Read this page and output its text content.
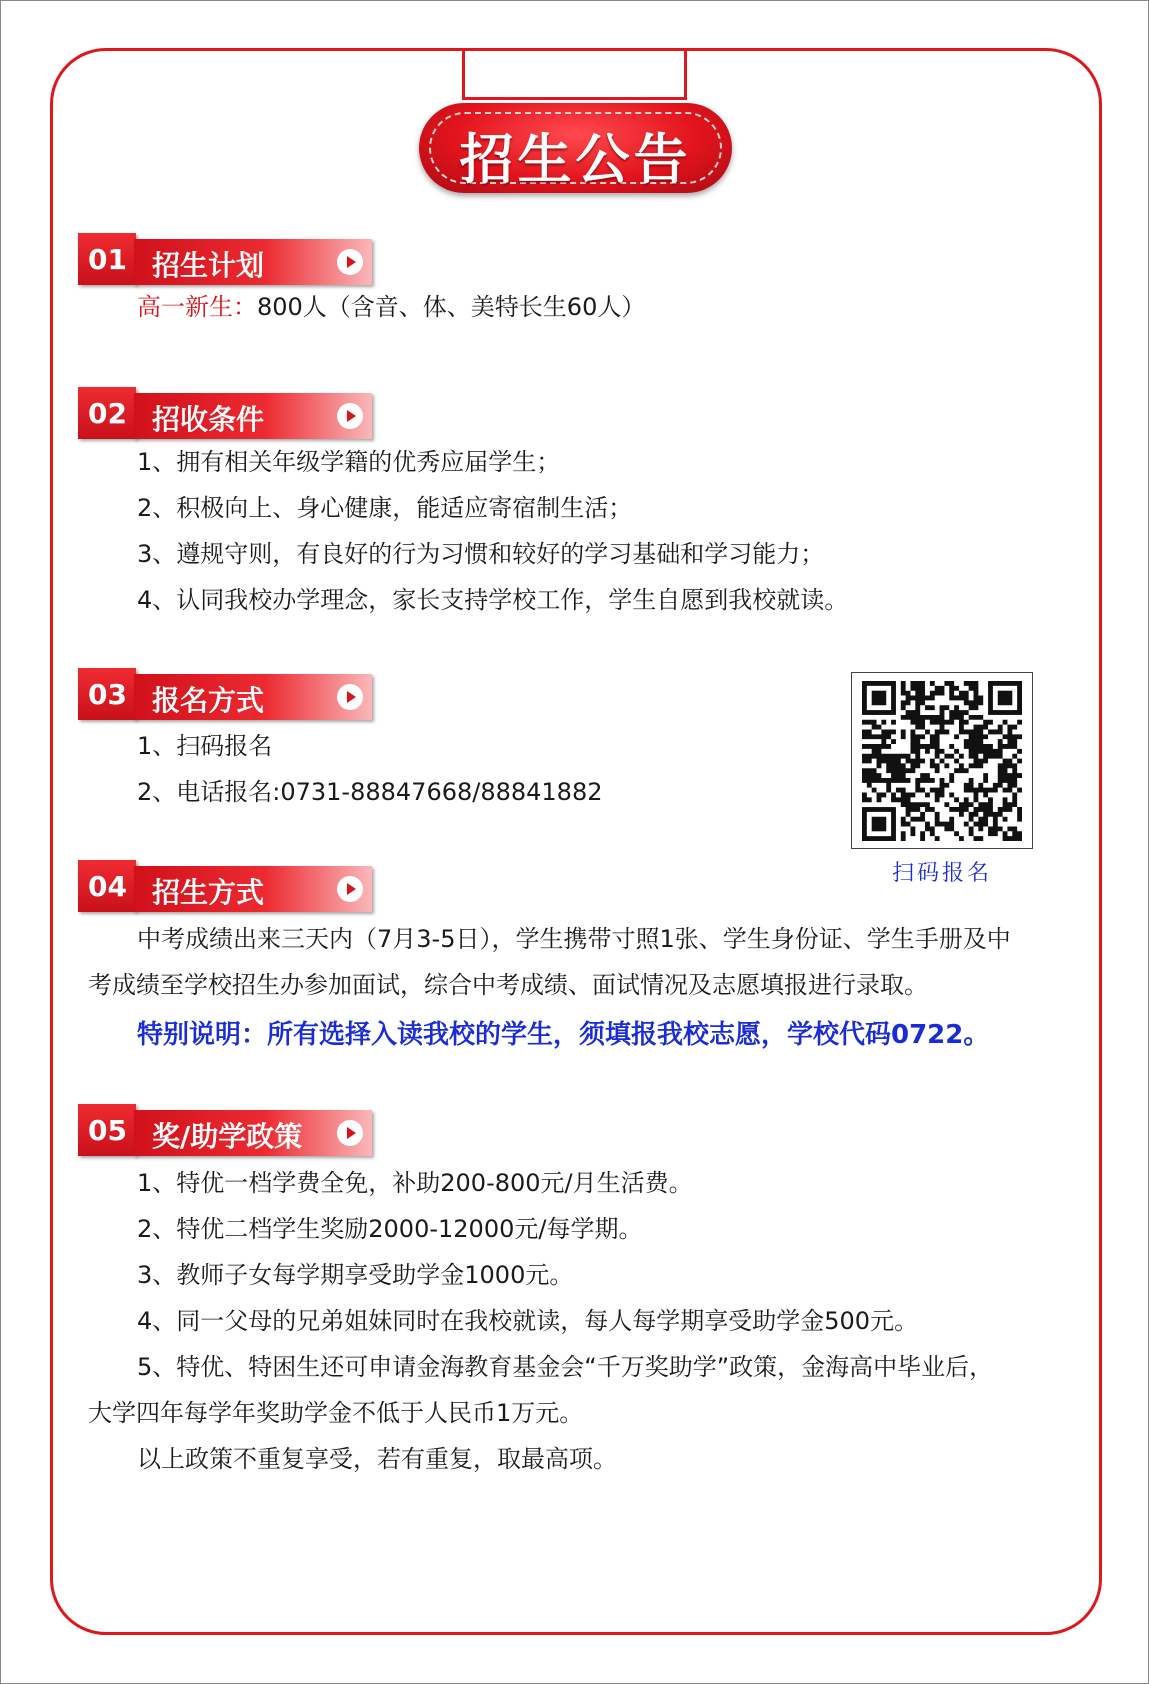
招生公告
01 招生计划
高一新生：800人（含音、体、美特长生60人）
02 招收条件
1、拥有相关年级学籍的优秀应届学生；
2、积极向上、身心健康，能适应寄宿制生活；
3、遵规守则，有良好的行为习惯和较好的学习基础和学习能力；
4、认同我校办学理念，家长支持学校工作，学生自愿到我校就读。
03 报名方式
1、扫码报名
2、电话报名:0731-88847668/88841882
扫码报名
04 招生方式
中考成绩出来三天内（7月3-5日），学生携带寸照1张、学生身份证、学生手册及中
考成绩至学校招生办参加面试，综合中考成绩、面试情况及志愿填报进行录取。
特别说明：所有选择入读我校的学生，须填报我校志愿，学校代码0722。
05 奖/助学政策
1、特优一档学费全免，补助200-800元/月生活费。
2、特优二档学生奖励2000-12000元/每学期。
3、教师子女每学期享受助学金1000元。
4、同一父母的兄弟姐妹同时在我校就读，每人每学期享受助学金500元。
5、特优、特困生还可申请金海教育基金会“千万奖助学”政策，金海高中毕业后，
大学四年每学年奖助学金不低于人民币1万元。
以上政策不重复享受，若有重复，取最高项。
